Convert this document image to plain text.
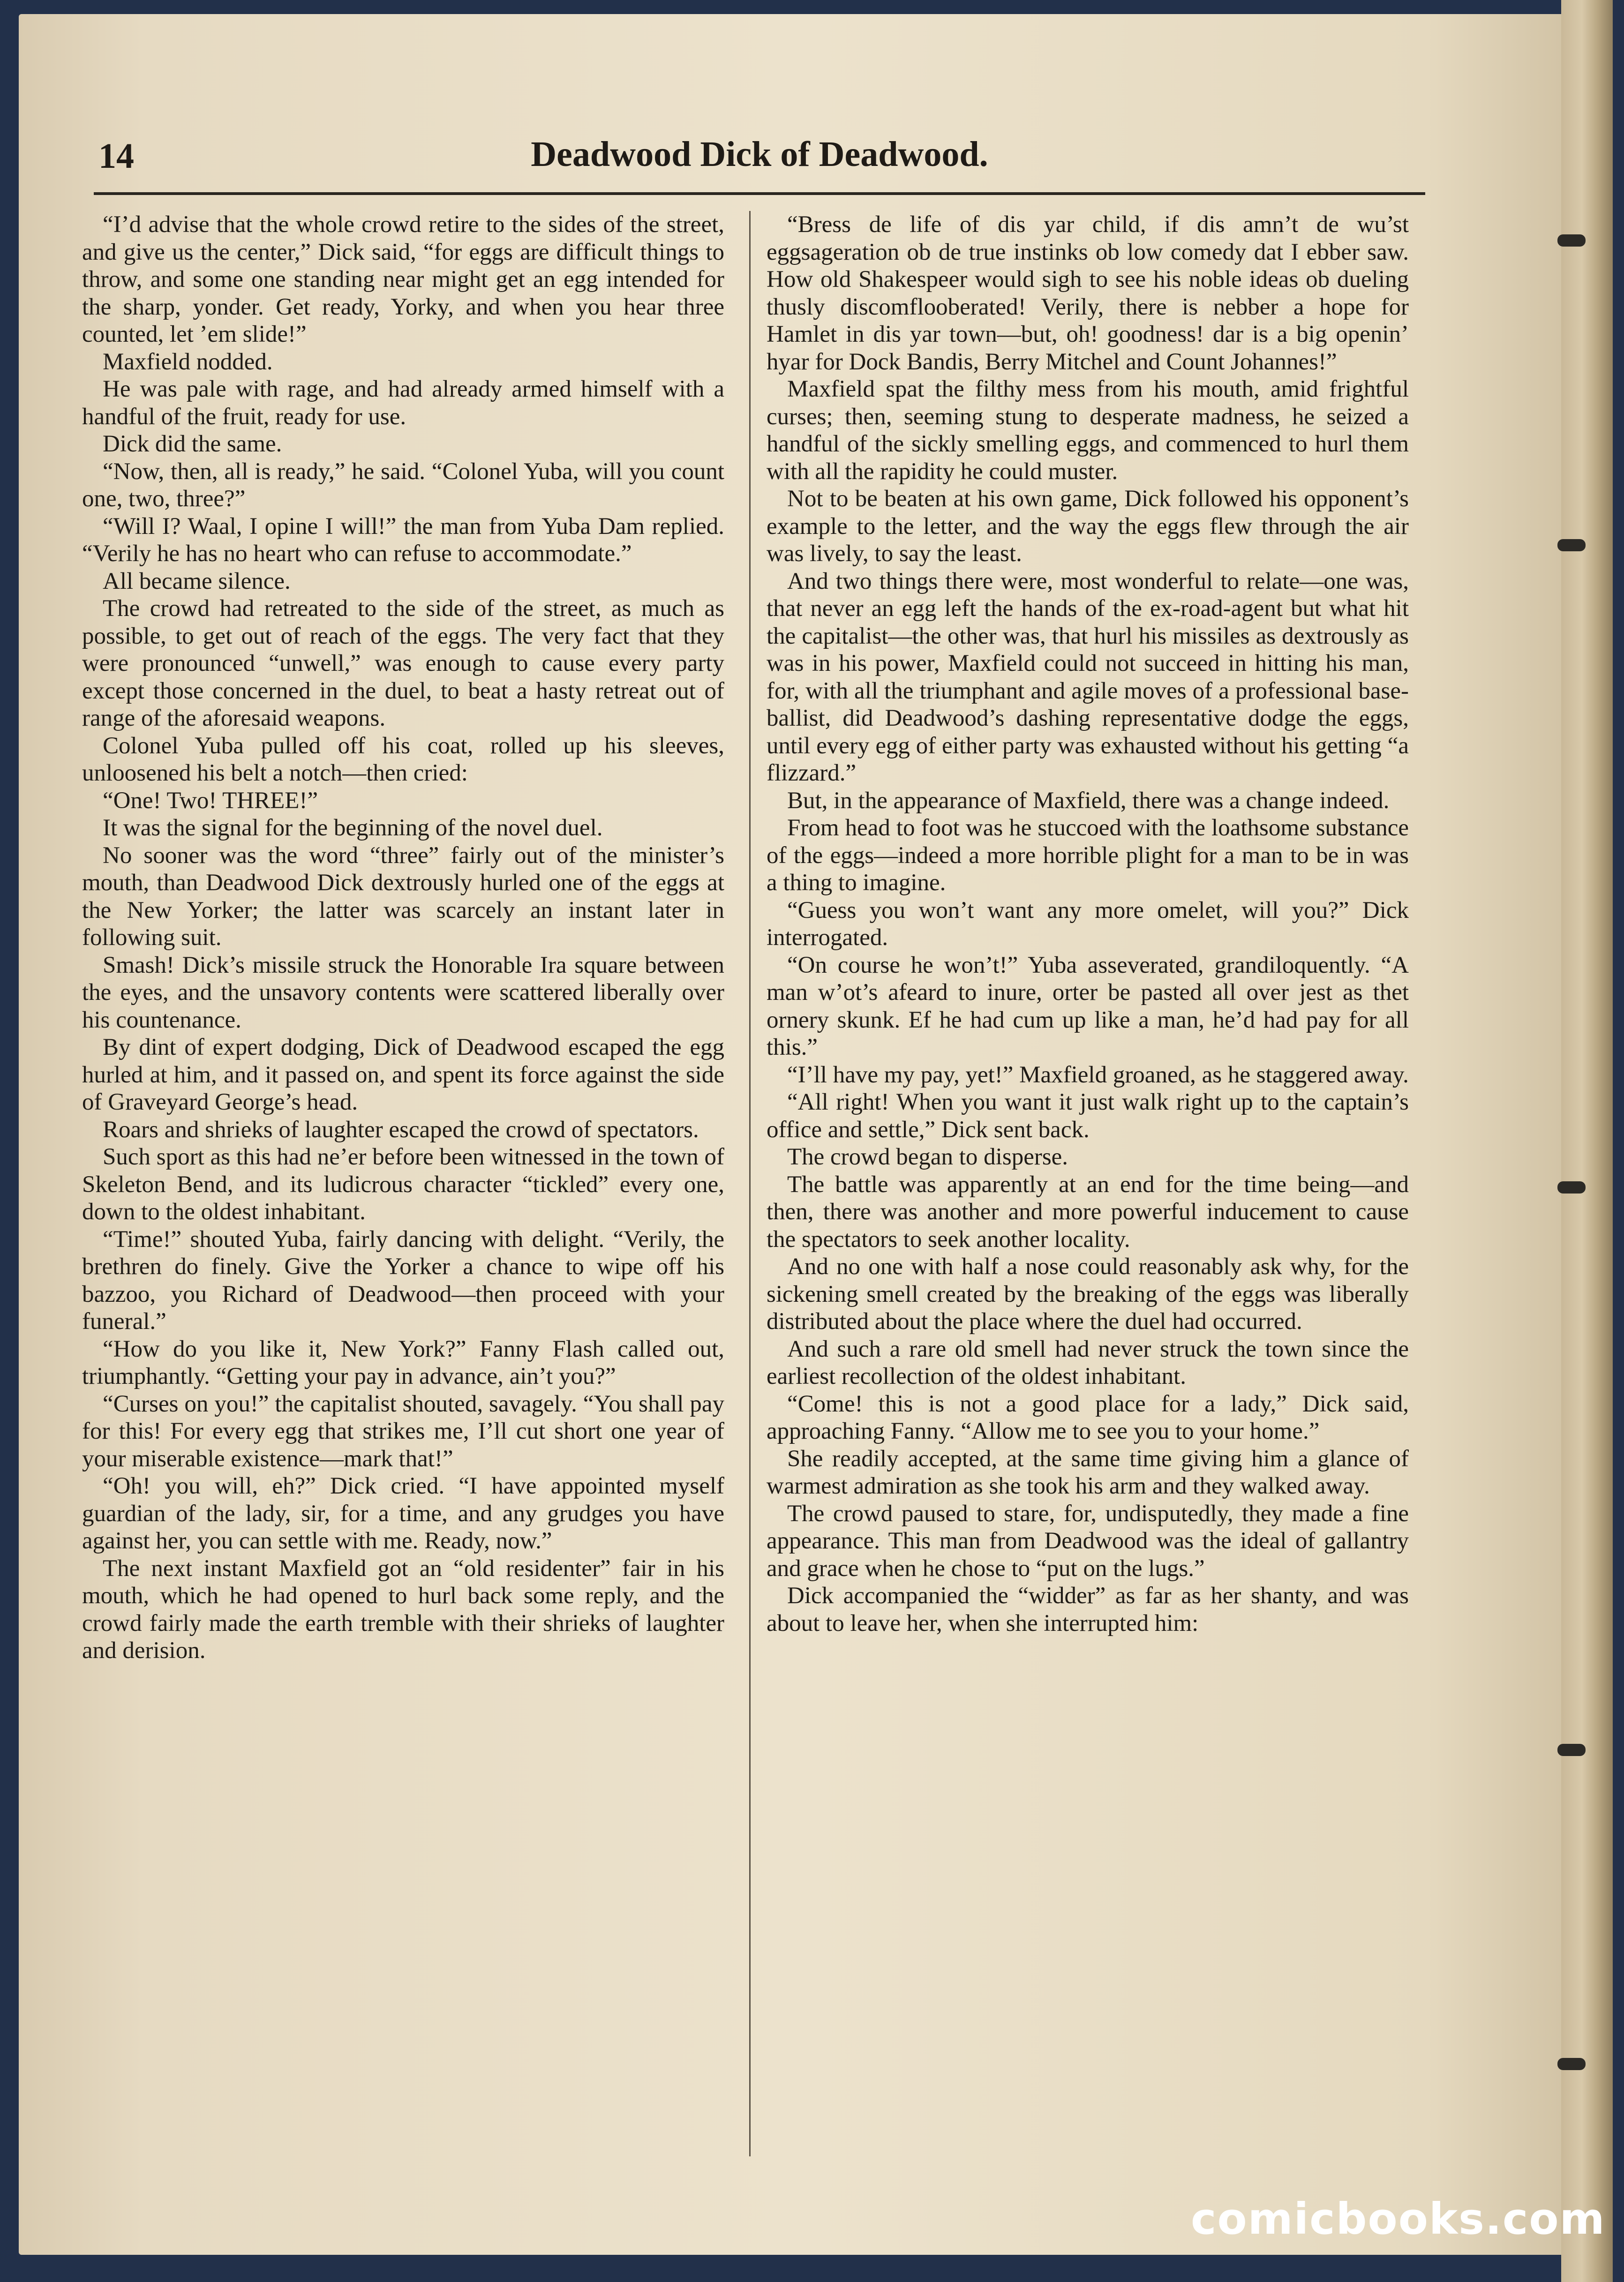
14	Deadwood Dick of Deadwood.

“I’d advise that the whole crowd retire to the sides of the street, and give us the center,” Dick said, “for eggs are difficult things to throw, and some one standing near might get an egg intended for the sharp, yonder. Get ready, Yorky, and when you hear three counted, let ’em slide!”

Maxfield nodded.

He was pale with rage, and had already armed himself with a handful of the fruit, ready for use.

Dick did the same.

“Now, then, all is ready,” he said. “Colonel Yuba, will you count one, two, three?”

“Will I? Waal, I opine I will!” the man from Yuba Dam replied. “Verily he has no heart who can refuse to accommodate.”

All became silence.

The crowd had retreated to the side of the street, as much as possible, to get out of reach of the eggs. The very fact that they were pronounced “unwell,” was enough to cause every party except those concerned in the duel, to beat a hasty retreat out of range of the aforesaid weapons.

Colonel Yuba pulled off his coat, rolled up his sleeves, unloosened his belt a notch—then cried:

“One! Two! THREE!”

It was the signal for the beginning of the novel duel.

No sooner was the word “three” fairly out of the minister’s mouth, than Deadwood Dick dextrously hurled one of the eggs at the New Yorker; the latter was scarcely an instant later in following suit.

Smash! Dick’s missile struck the Honorable Ira square between the eyes, and the unsavory contents were scattered liberally over his countenance.

By dint of expert dodging, Dick of Deadwood escaped the egg hurled at him, and it passed on, and spent its force against the side of Graveyard George’s head.

Roars and shrieks of laughter escaped the crowd of spectators.

Such sport as this had ne’er before been witnessed in the town of Skeleton Bend, and its ludicrous character “tickled” every one, down to the oldest inhabitant.

“Time!” shouted Yuba, fairly dancing with delight. “Verily, the brethren do finely. Give the Yorker a chance to wipe off his bazzoo, you Richard of Deadwood—then proceed with your funeral.”

“How do you like it, New York?” Fanny Flash called out, triumphantly. “Getting your pay in advance, ain’t you?”

“Curses on you!” the capitalist shouted, savagely. “You shall pay for this! For every egg that strikes me, I’ll cut short one year of your miserable existence—mark that!”

“Oh! you will, eh?” Dick cried. “I have appointed myself guardian of the lady, sir, for a time, and any grudges you have against her, you can settle with me. Ready, now.”

The next instant Maxfield got an “old residenter” fair in his mouth, which he had opened to hurl back some reply, and the crowd fairly made the earth tremble with their shrieks of laughter and derision.

“Bress de life of dis yar child, if dis amn’t de wu’st eggsageration ob de true instinks ob low comedy dat I ebber saw. How old Shakespeer would sigh to see his noble ideas ob dueling thusly discomflooberated! Verily, there is nebber a hope for Hamlet in dis yar town—but, oh! goodness! dar is a big openin’ hyar for Dock Bandis, Berry Mitchel and Count Johannes!”

Maxfield spat the filthy mess from his mouth, amid frightful curses; then, seeming stung to desperate madness, he seized a handful of the sickly smelling eggs, and commenced to hurl them with all the rapidity he could muster.

Not to be beaten at his own game, Dick followed his opponent’s example to the letter, and the way the eggs flew through the air was lively, to say the least.

And two things there were, most wonderful to relate—one was, that never an egg left the hands of the ex-road-agent but what hit the capitalist—the other was, that hurl his missiles as dextrously as was in his power, Maxfield could not succeed in hitting his man, for, with all the triumphant and agile moves of a professional base-ballist, did Deadwood’s dashing representative dodge the eggs, until every egg of either party was exhausted without his getting “a flizzard.”

But, in the appearance of Maxfield, there was a change indeed.

From head to foot was he stuccoed with the loathsome substance of the eggs—indeed a more horrible plight for a man to be in was a thing to imagine.

“Guess you won’t want any more omelet, will you?” Dick interrogated.

“On course he won’t!” Yuba asseverated, grandiloquently. “A man w’ot’s afeard to inure, orter be pasted all over jest as thet ornery skunk. Ef he had cum up like a man, he’d had pay for all this.”

“I’ll have my pay, yet!” Maxfield groaned, as he staggered away.

“All right! When you want it just walk right up to the captain’s office and settle,” Dick sent back.

The crowd began to disperse.

The battle was apparently at an end for the time being—and then, there was another and more powerful inducement to cause the spectators to seek another locality.

And no one with half a nose could reasonably ask why, for the sickening smell created by the breaking of the eggs was liberally distributed about the place where the duel had occurred.

And such a rare old smell had never struck the town since the earliest recollection of the oldest inhabitant.

“Come! this is not a good place for a lady,” Dick said, approaching Fanny. “Allow me to see you to your home.”

She readily accepted, at the same time giving him a glance of warmest admiration as she took his arm and they walked away.

The crowd paused to stare, for, undisputedly, they made a fine appearance. This man from Deadwood was the ideal of gallantry and grace when he chose to “put on the lugs.”

Dick accompanied the “widder” as far as her shanty, and was about to leave her, when she interrupted him:

comicbooks.com
